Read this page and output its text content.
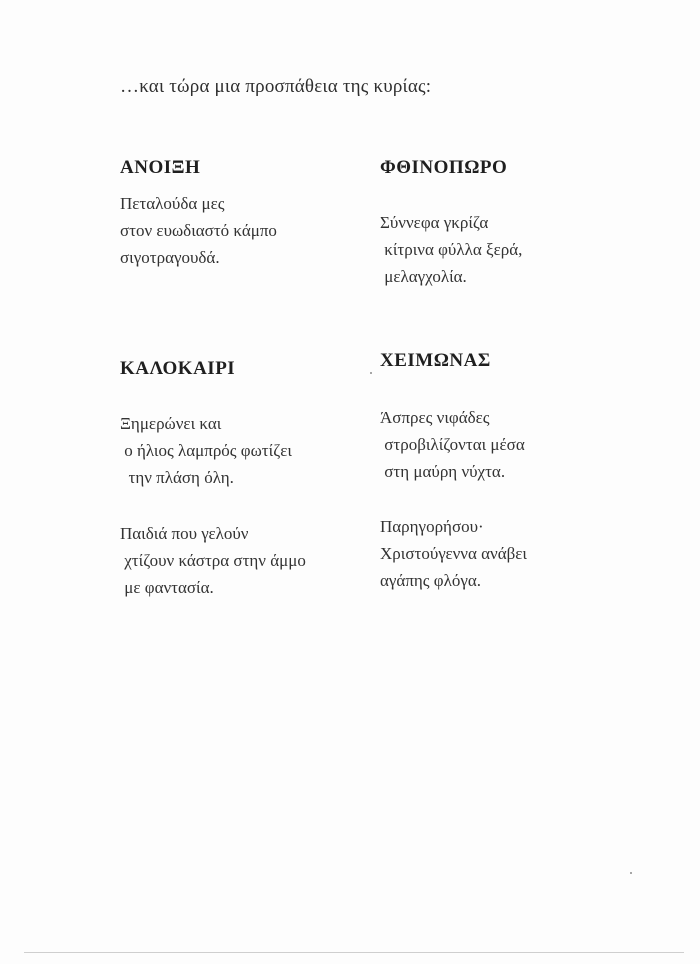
…και τώρα μια προσπάθεια της κυρίας:
ΑΝΟΙΞΗ
Πεταλούδα μες
στον ευωδιαστό κάμπο
σιγοτραγουδά.
ΦΘΙΝΟΠΩΡΟ
Σύννεφα γκρίζα
κίτρινα φύλλα ξερά,
μελαγχολία.
ΚΑΛΟΚΑΙΡΙ
Ξημερώνει και
ο ήλιος λαμπρός φωτίζει
την πλάση όλη.
Παιδιά που γελούν
χτίζουν κάστρα στην άμμο
με φαντασία.
ΧΕΙΜΩΝΑΣ
Άσπρες νιφάδες
στροβιλίζονται μέσα
στη μαύρη νύχτα.
Παρηγορήσου·
Χριστούγεννα ανάβει
αγάπης φλόγα.
